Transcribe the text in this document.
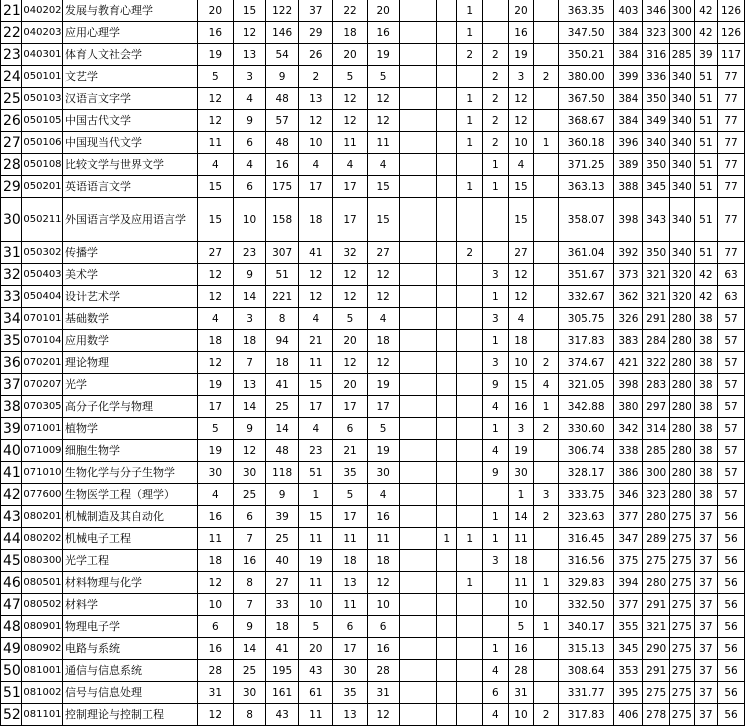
21	040202	发展与教育心理学	20	15	122	37	22	20			1		20		363.35	403	346	300	42	126
22	040203	应用心理学	16	12	146	29	18	16			1		16		347.50	384	323	300	42	126
23	040301	体育人文社会学	19	13	54	26	20	19			2	2	19		350.21	384	316	285	39	117
24	050101	文艺学	5	3	9	2	5	5				2	3	2	380.00	399	336	340	51	77
25	050103	汉语言文字学	12	4	48	13	12	12			1	2	12		367.50	384	350	340	51	77
26	050105	中国古代文学	12	9	57	12	12	12			1	2	12		368.67	384	349	340	51	77
27	050106	中国现当代文学	11	6	48	10	11	11			1	2	10	1	360.18	396	340	340	51	77
28	050108	比较文学与世界文学	4	4	16	4	4	4				1	4		371.25	389	350	340	51	77
29	050201	英语语言文学	15	6	175	17	17	15			1	1	15		363.13	388	345	340	51	77
30	050211	外国语言学及应用语言学	15	10	158	18	17	15					15		358.07	398	343	340	51	77
31	050302	传播学	27	23	307	41	32	27			2		27		361.04	392	350	340	51	77
32	050403	美术学	12	9	51	12	12	12				3	12		351.67	373	321	320	42	63
33	050404	设计艺术学	12	14	221	12	12	12				1	12		332.67	362	321	320	42	63
34	070101	基础数学	4	3	8	4	5	4				3	4		305.75	326	291	280	38	57
35	070104	应用数学	18	18	94	21	20	18				1	18		317.83	383	284	280	38	57
36	070201	理论物理	12	7	18	11	12	12				3	10	2	374.67	421	322	280	38	57
37	070207	光学	19	13	41	15	20	19				9	15	4	321.05	398	283	280	38	57
38	070305	高分子化学与物理	17	14	25	17	17	17				4	16	1	342.88	380	297	280	38	57
39	071001	植物学	5	9	14	4	6	5				1	3	2	330.60	342	314	280	38	57
40	071009	细胞生物学	19	12	48	23	21	19				4	19		306.74	338	285	280	38	57
41	071010	生物化学与分子生物学	30	30	118	51	35	30				9	30		328.17	386	300	280	38	57
42	077600	生物医学工程（理学）	4	25	9	1	5	4					1	3	333.75	346	323	280	38	57
43	080201	机械制造及其自动化	16	6	39	15	17	16				1	14	2	323.63	377	280	275	37	56
44	080202	机械电子工程	11	7	25	11	11	11		1	1	1	11		316.45	347	289	275	37	56
45	080300	光学工程	18	16	40	19	18	18				3	18		316.56	375	275	275	37	56
46	080501	材料物理与化学	12	8	27	11	13	12			1		11	1	329.83	394	280	275	37	56
47	080502	材料学	10	7	33	10	11	10					10		332.50	377	291	275	37	56
48	080901	物理电子学	6	9	18	5	6	6					5	1	340.17	355	321	275	37	56
49	080902	电路与系统	16	14	41	20	17	16				1	16		315.13	345	290	275	37	56
50	081001	通信与信息系统	28	25	195	43	30	28				4	28		308.64	353	291	275	37	56
51	081002	信号与信息处理	31	30	161	61	35	31				6	31		331.77	395	275	275	37	56
52	081101	控制理论与控制工程	12	8	43	11	13	12				4	10	2	317.83	406	278	275	37	56
